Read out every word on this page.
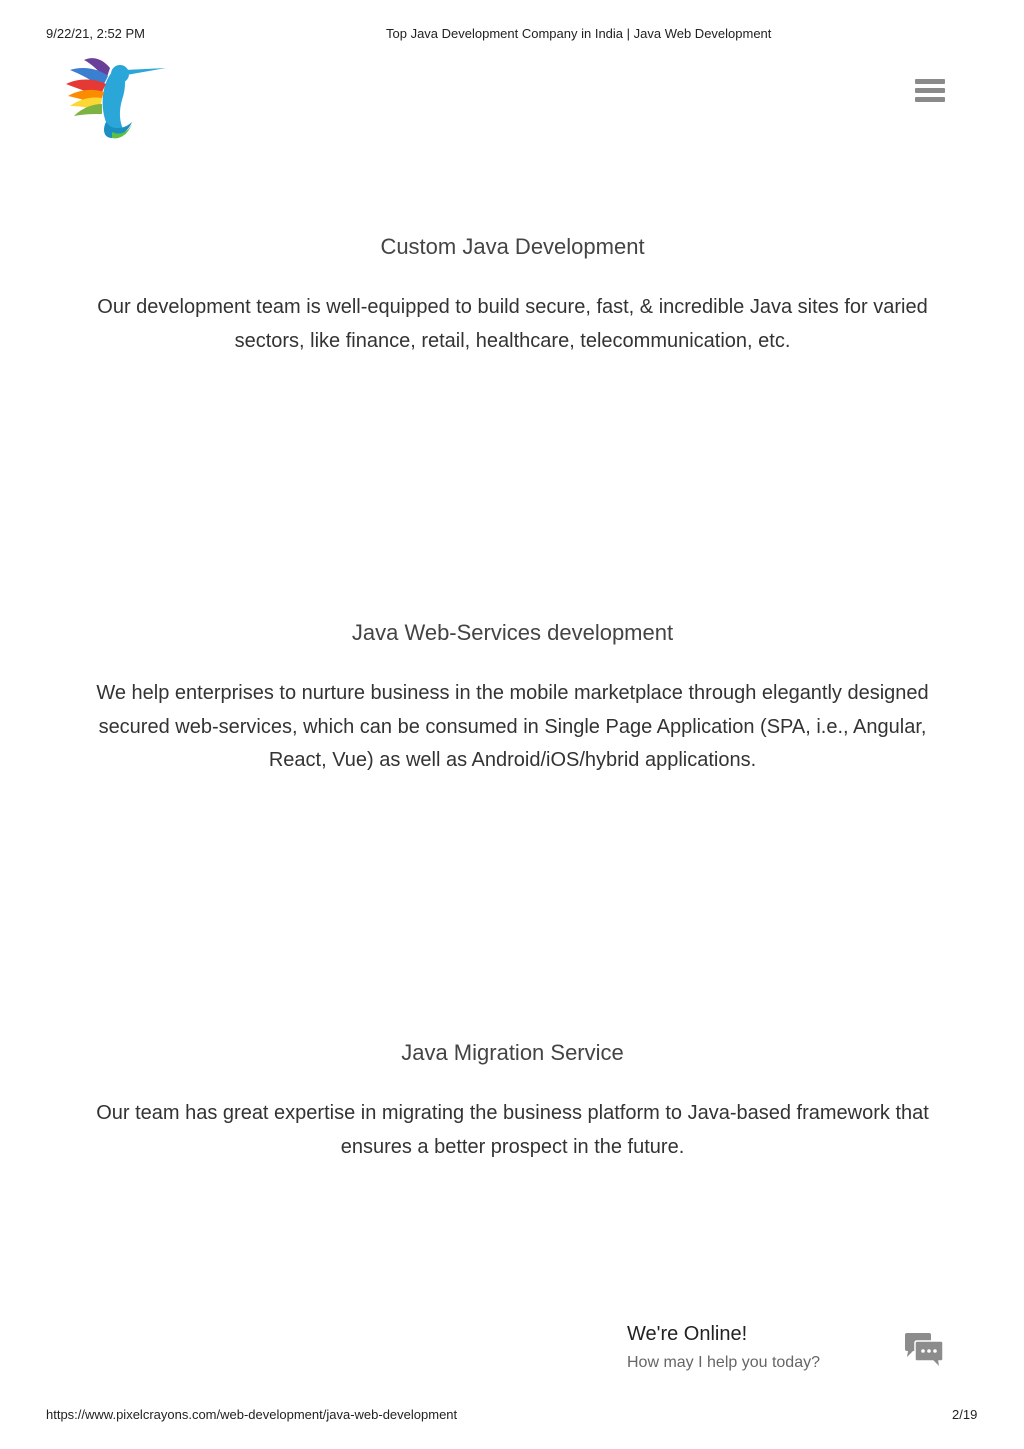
9/22/21, 2:52 PM	Top Java Development Company in India | Java Web Development
Custom Java Development

Our development team is well-equipped to build secure, fast, & incredible Java sites for varied sectors, like finance, retail, healthcare, telecommunication, etc.

Java Web-Services development

We help enterprises to nurture business in the mobile marketplace through elegantly designed secured web-services, which can be consumed in Single Page Application (SPA, i.e., Angular, React, Vue) as well as Android/iOS/hybrid applications.

Java Migration Service

Our team has great expertise in migrating the business platform to Java-based framework that ensures a better prospect in the future.

We're Online!
How may I help you today?
https://www.pixelcrayons.com/web-development/java-web-development	2/19
